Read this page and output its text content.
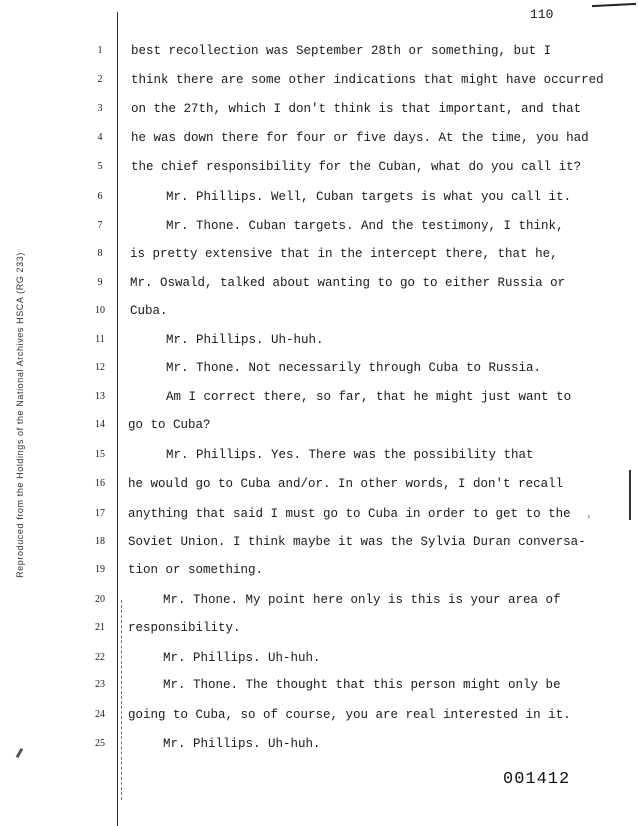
Reproduced from the Holdings of the National Archives HSCA (RG 233)
110
1	best recollection was September 28th or something, but I
2	think there are some other indications that might have occurred
3	on the 27th, which I don't think is that important, and that
4	he was down there for four or five days. At the time, you had
5	the chief responsibility for the Cuban, what do you call it?
6	Mr. Phillips. Well, Cuban targets is what you call it.
7	Mr. Thone. Cuban targets. And the testimony, I think,
8	is pretty extensive that in the intercept there, that he,
9	Mr. Oswald, talked about wanting to go to either Russia or
10	Cuba.
11	Mr. Phillips. Uh-huh.
12	Mr. Thone. Not necessarily through Cuba to Russia.
13	Am I correct there, so far, that he might just want to
14	go to Cuba?
15	Mr. Phillips. Yes. There was the possibility that
16	he would go to Cuba and/or. In other words, I don't recall
17	anything that said I must go to Cuba in order to get to the
18	Soviet Union. I think maybe it was the Sylvia Duran conversa-
19	tion or something.
20	Mr. Thone. My point here only is this is your area of
21	responsibility.
22	Mr. Phillips. Uh-huh.
23	Mr. Thone. The thought that this person might only be
24	going to Cuba, so of course, you are real interested in it.
25	Mr. Phillips. Uh-huh.
›
001412
